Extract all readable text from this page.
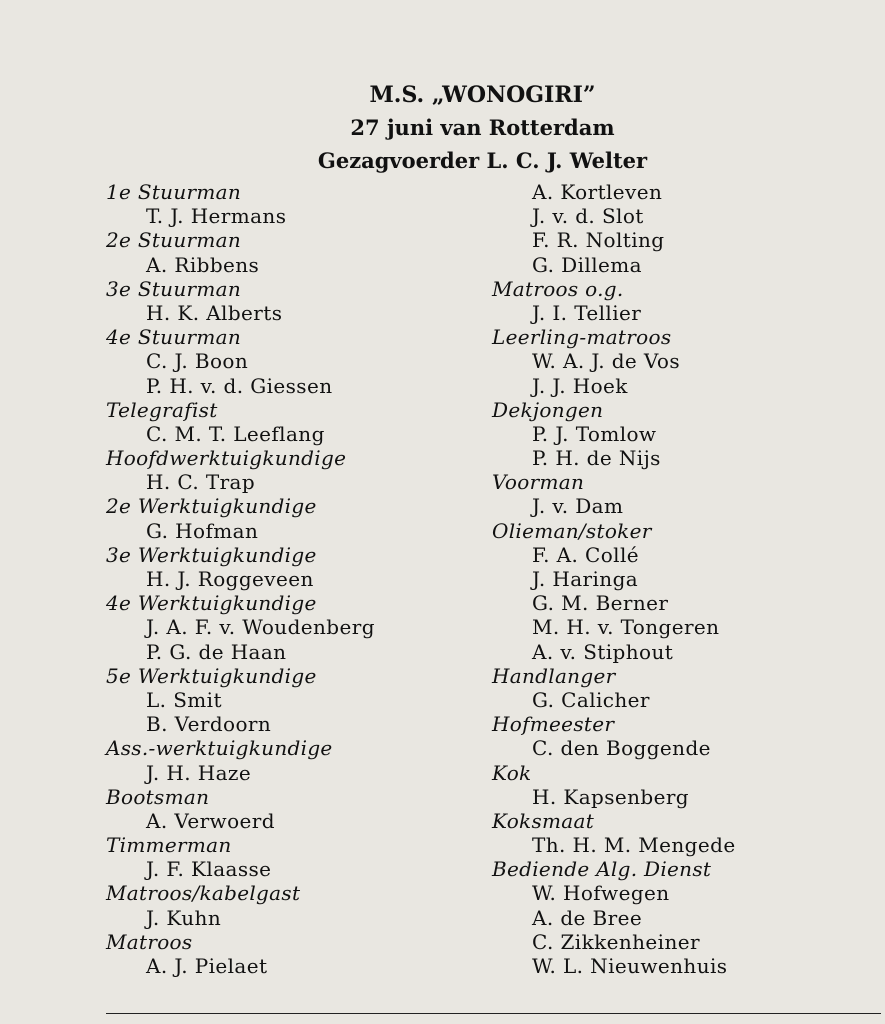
M.S. „WONOGIRI”
27 juni van Rotterdam
Gezagvoerder L. C. J. Welter
1e Stuurman
T. J. Hermans
2e Stuurman
A. Ribbens
3e Stuurman
H. K. Alberts
4e Stuurman
C. J. Boon
P. H. v. d. Giessen
Telegrafist
C. M. T. Leeflang
Hoofdwerktuigkundige
H. C. Trap
2e Werktuigkundige
G. Hofman
3e Werktuigkundige
H. J. Roggeveen
4e Werktuigkundige
J. A. F. v. Woudenberg
P. G. de Haan
5e Werktuigkundige
L. Smit
B. Verdoorn
Ass.-werktuigkundige
J. H. Haze
Bootsman
A. Verwoerd
Timmerman
J. F. Klaasse
Matroos/kabelgast
J. Kuhn
Matroos
A. J. Pielaet
A. Kortleven
J. v. d. Slot
F. R. Nolting
G. Dillema
Matroos o.g.
J. I. Tellier
Leerling-matroos
W. A. J. de Vos
J. J. Hoek
Dekjongen
P. J. Tomlow
P. H. de Nijs
Voorman
J. v. Dam
Olieman/stoker
F. A. Collé
J. Haringa
G. M. Berner
M. H. v. Tongeren
A. v. Stiphout
Handlanger
G. Calicher
Hofmeester
C. den Boggende
Kok
H. Kapsenberg
Koksmaat
Th. H. M. Mengede
Bediende Alg. Dienst
W. Hofwegen
A. de Bree
C. Zikkenheiner
W. L. Nieuwenhuis
